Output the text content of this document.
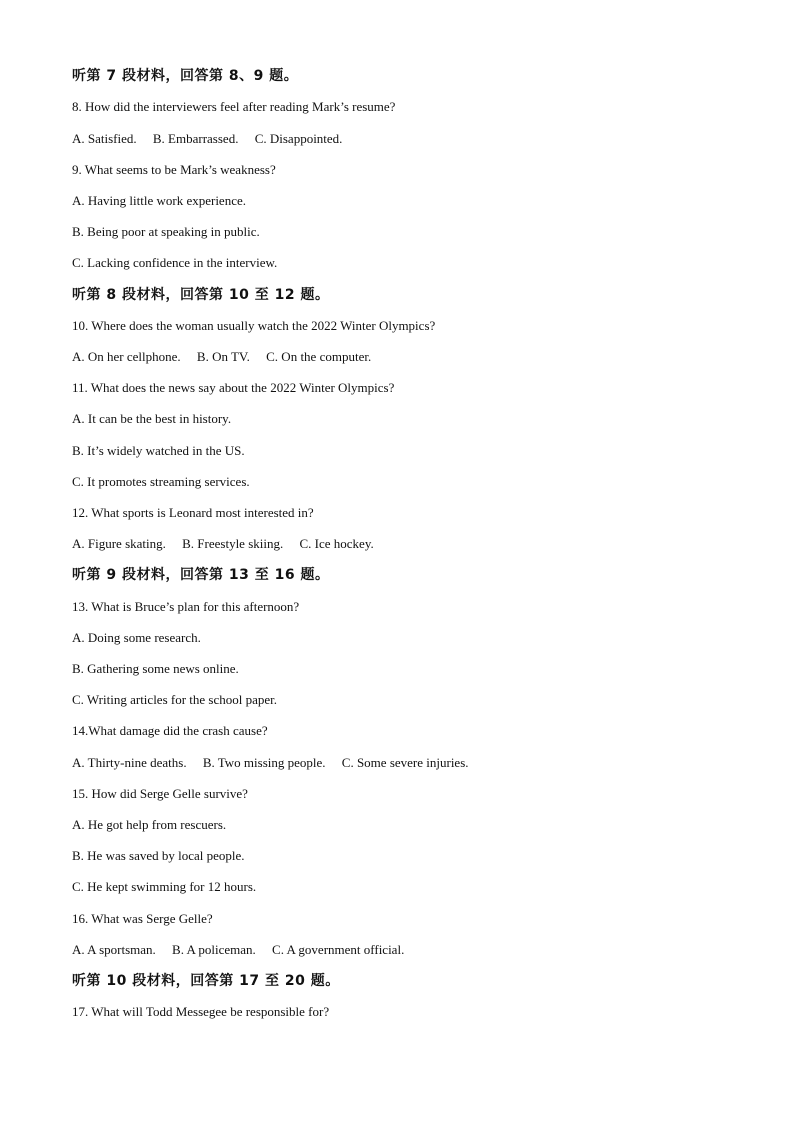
听第 7 段材料，回答第 8、9 题。
8. How did the interviewers feel after reading Mark’s resume?
A. Satisfied.     B. Embarrassed.     C. Disappointed.
9. What seems to be Mark’s weakness?
A. Having little work experience.
B. Being poor at speaking in public.
C. Lacking confidence in the interview.
听第 8 段材料，回答第 10 至 12 题。
10. Where does the woman usually watch the 2022 Winter Olympics?
A. On her cellphone.     B. On TV.     C. On the computer.
11. What does the news say about the 2022 Winter Olympics?
A. It can be the best in history.
B. It’s widely watched in the US.
C. It promotes streaming services.
12. What sports is Leonard most interested in?
A. Figure skating.     B. Freestyle skiing.     C. Ice hockey.
听第 9 段材料，回答第 13 至 16 题。
13. What is Bruce’s plan for this afternoon?
A. Doing some research.
B. Gathering some news online.
C. Writing articles for the school paper.
14.What damage did the crash cause?
A. Thirty-nine deaths.     B. Two missing people.     C. Some severe injuries.
15. How did Serge Gelle survive?
A. He got help from rescuers.
B. He was saved by local people.
C. He kept swimming for 12 hours.
16. What was Serge Gelle?
A. A sportsman.     B. A policeman.     C. A government official.
听第 10 段材料，回答第 17 至 20 题。
17. What will Todd Messegee be responsible for?
